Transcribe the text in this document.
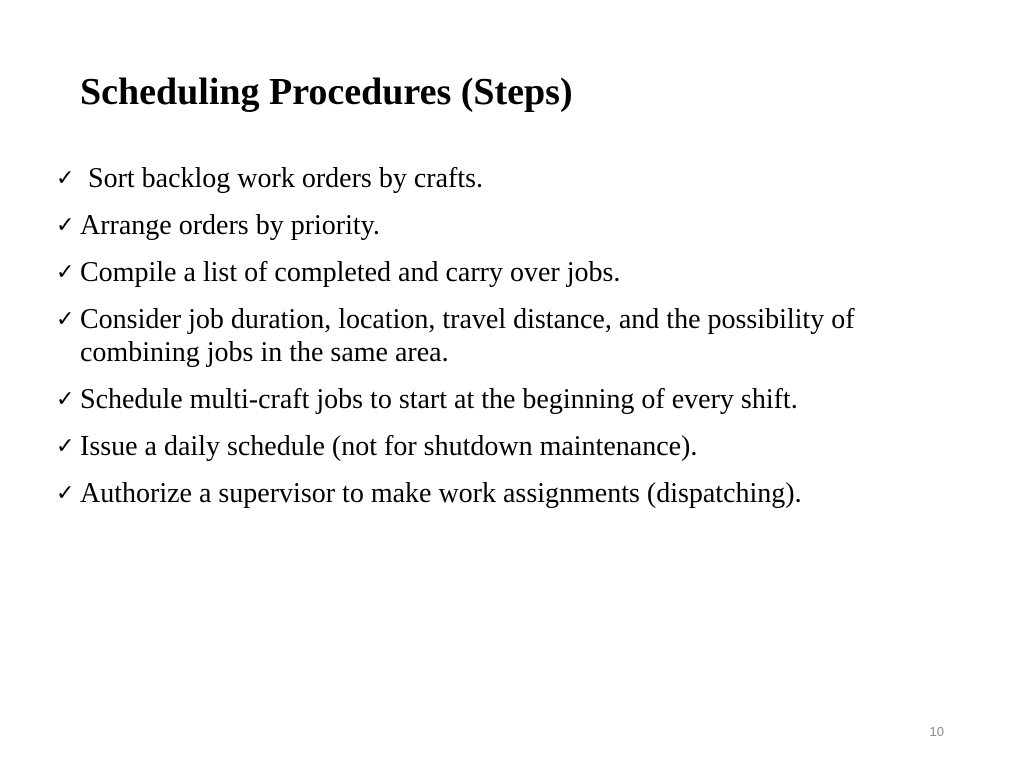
Scheduling Procedures (Steps)
✓ Sort backlog work orders by crafts.
✓ Arrange orders by priority.
✓ Compile a list of completed and carry over jobs.
✓ Consider job duration, location, travel distance, and the possibility of combining jobs in the same area.
✓ Schedule multi-craft jobs to start at the beginning of every shift.
✓ Issue a daily schedule (not for shutdown maintenance).
✓ Authorize a supervisor to make work assignments (dispatching).
10
